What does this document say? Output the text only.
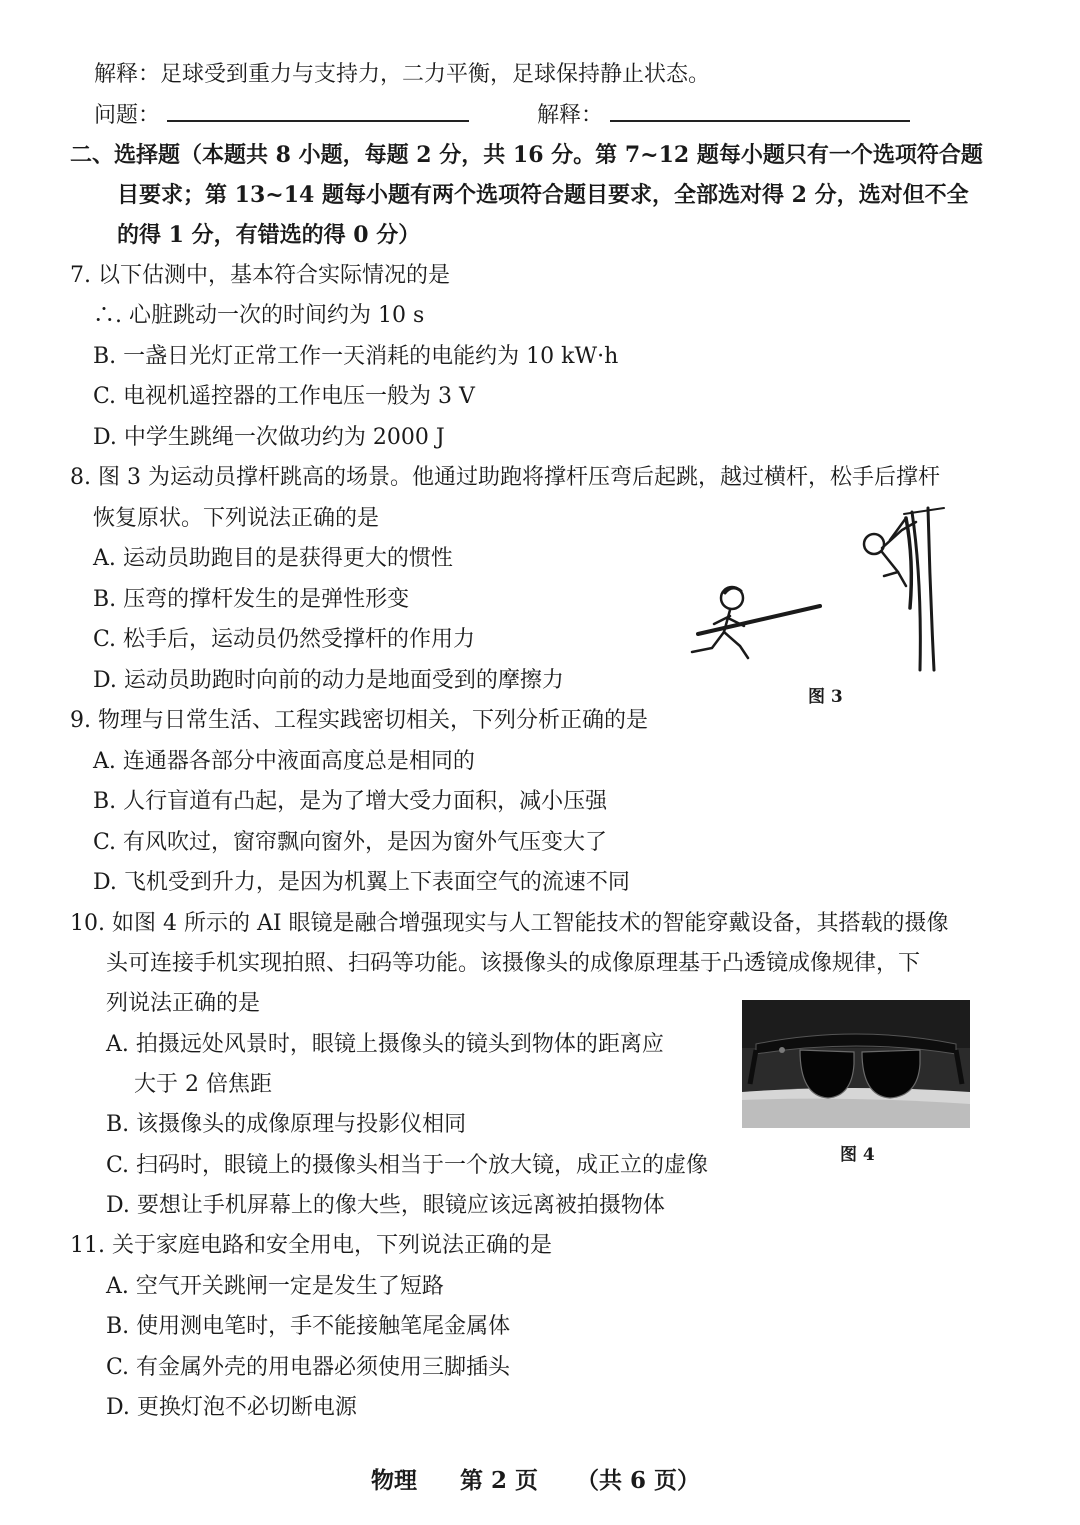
解释：足球受到重力与支持力，二力平衡，足球保持静止状态。
问题：	解释：
二、选择题（本题共 8 小题，每题 2 分，共 16 分。第 7~12 题每小题只有一个选项符合题
目要求；第 13~14 题每小题有两个选项符合题目要求，全部选对得 2 分，选对但不全
的得 1 分，有错选的得 0 分）
7. 以下估测中，基本符合实际情况的是
∴. 心脏跳动一次的时间约为 10 s
B. 一盏日光灯正常工作一天消耗的电能约为 10 kW·h
C. 电视机遥控器的工作电压一般为 3 V
D. 中学生跳绳一次做功约为 2000 J
8. 图 3 为运动员撑杆跳高的场景。他通过助跑将撑杆压弯后起跳，越过横杆，松手后撑杆
恢复原状。下列说法正确的是
A. 运动员助跑目的是获得更大的惯性
B. 压弯的撑杆发生的是弹性形变
C. 松手后，运动员仍然受撑杆的作用力
D. 运动员助跑时向前的动力是地面受到的摩擦力
图 3
9. 物理与日常生活、工程实践密切相关，下列分析正确的是
A. 连通器各部分中液面高度总是相同的
B. 人行盲道有凸起，是为了增大受力面积，减小压强
C. 有风吹过，窗帘飘向窗外，是因为窗外气压变大了
D. 飞机受到升力，是因为机翼上下表面空气的流速不同
10. 如图 4 所示的 AI 眼镜是融合增强现实与人工智能技术的智能穿戴设备，其搭载的摄像
头可连接手机实现拍照、扫码等功能。该摄像头的成像原理基于凸透镜成像规律，下
列说法正确的是
A. 拍摄远处风景时，眼镜上摄像头的镜头到物体的距离应
大于 2 倍焦距
B. 该摄像头的成像原理与投影仪相同
C. 扫码时，眼镜上的摄像头相当于一个放大镜，成正立的虚像
D. 要想让手机屏幕上的像大些，眼镜应该远离被拍摄物体
图 4
11. 关于家庭电路和安全用电，下列说法正确的是
A. 空气开关跳闸一定是发生了短路
B. 使用测电笔时，手不能接触笔尾金属体
C. 有金属外壳的用电器必须使用三脚插头
D. 更换灯泡不必切断电源
物理 第 2 页 （共 6 页）
